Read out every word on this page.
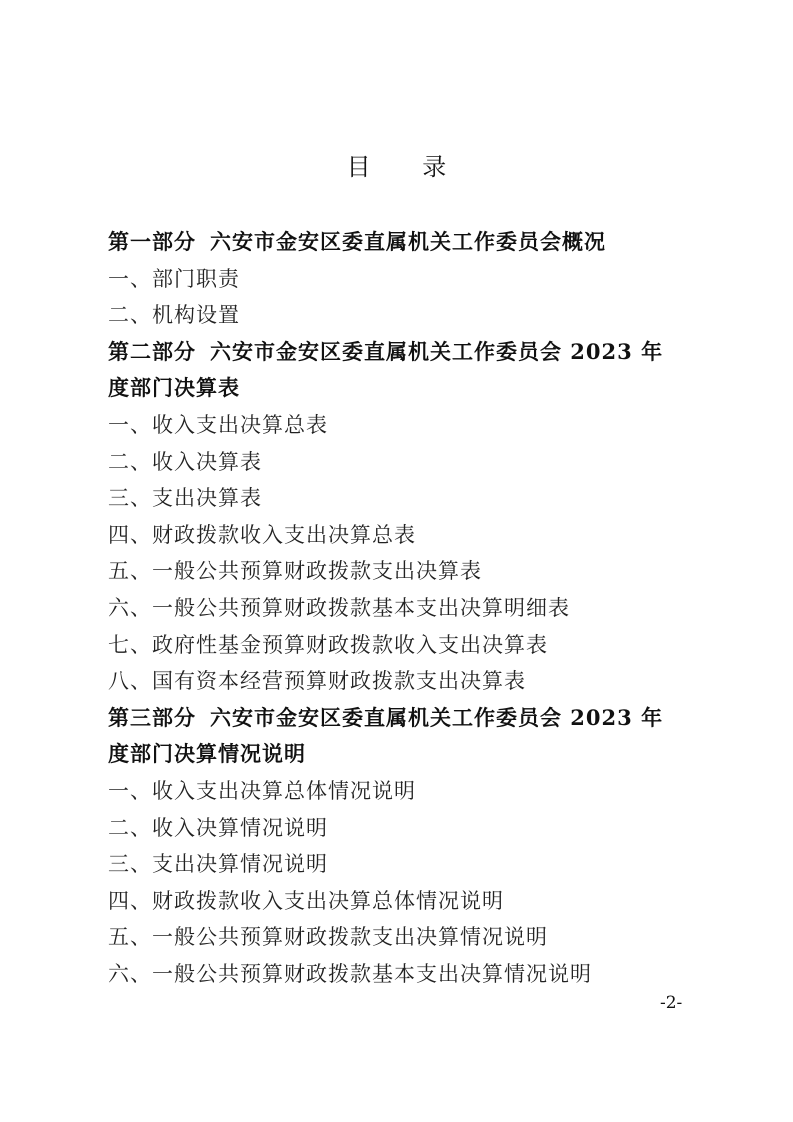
目 录
第一部分 六安市金安区委直属机关工作委员会概况
一、部门职责
二、机构设置
第二部分 六安市金安区委直属机关工作委员会 2023 年
度部门决算表
一、收入支出决算总表
二、收入决算表
三、支出决算表
四、财政拨款收入支出决算总表
五、一般公共预算财政拨款支出决算表
六、一般公共预算财政拨款基本支出决算明细表
七、政府性基金预算财政拨款收入支出决算表
八、国有资本经营预算财政拨款支出决算表
第三部分 六安市金安区委直属机关工作委员会 2023 年
度部门决算情况说明
一、收入支出决算总体情况说明
二、收入决算情况说明
三、支出决算情况说明
四、财政拨款收入支出决算总体情况说明
五、一般公共预算财政拨款支出决算情况说明
六、一般公共预算财政拨款基本支出决算情况说明
-2-
